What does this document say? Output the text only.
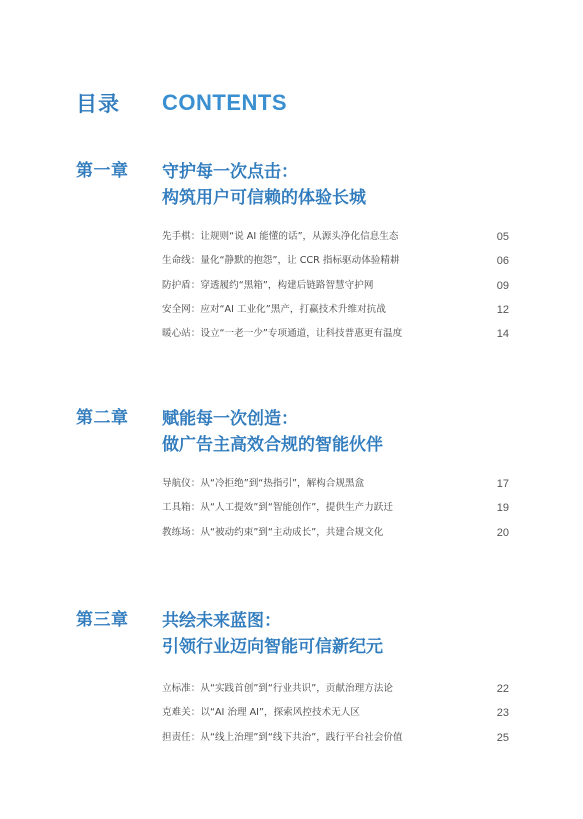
目录 CONTENTS
第一章 守护每一次点击：
构筑用户可信赖的体验长城
先手棋：让规则“说 AI 能懂的话”，从源头净化信息生态	05
生命线：量化“静默的抱怨”，让 CCR 指标驱动体验精耕	06
防护盾：穿透履约“黑箱”，构建后链路智慧守护网	09
安全网：应对“AI 工业化”黑产，打赢技术升维对抗战	12
暖心站：设立“一老一少”专项通道，让科技普惠更有温度	14
第二章 赋能每一次创造：
做广告主高效合规的智能伙伴
导航仪：从“冷拒绝”到“热指引”，解构合规黑盒	17
工具箱：从“人工提效”到“智能创作”，提供生产力跃迁	19
教练场：从“被动约束”到“主动成长”，共建合规文化	20
第三章 共绘未来蓝图：
引领行业迈向智能可信新纪元
立标准：从“实践首创”到“行业共识”，贡献治理方法论	22
克难关：以“AI 治理 AI”，探索风控技术无人区	23
担责任：从“线上治理”到“线下共治”，践行平台社会价值	25
